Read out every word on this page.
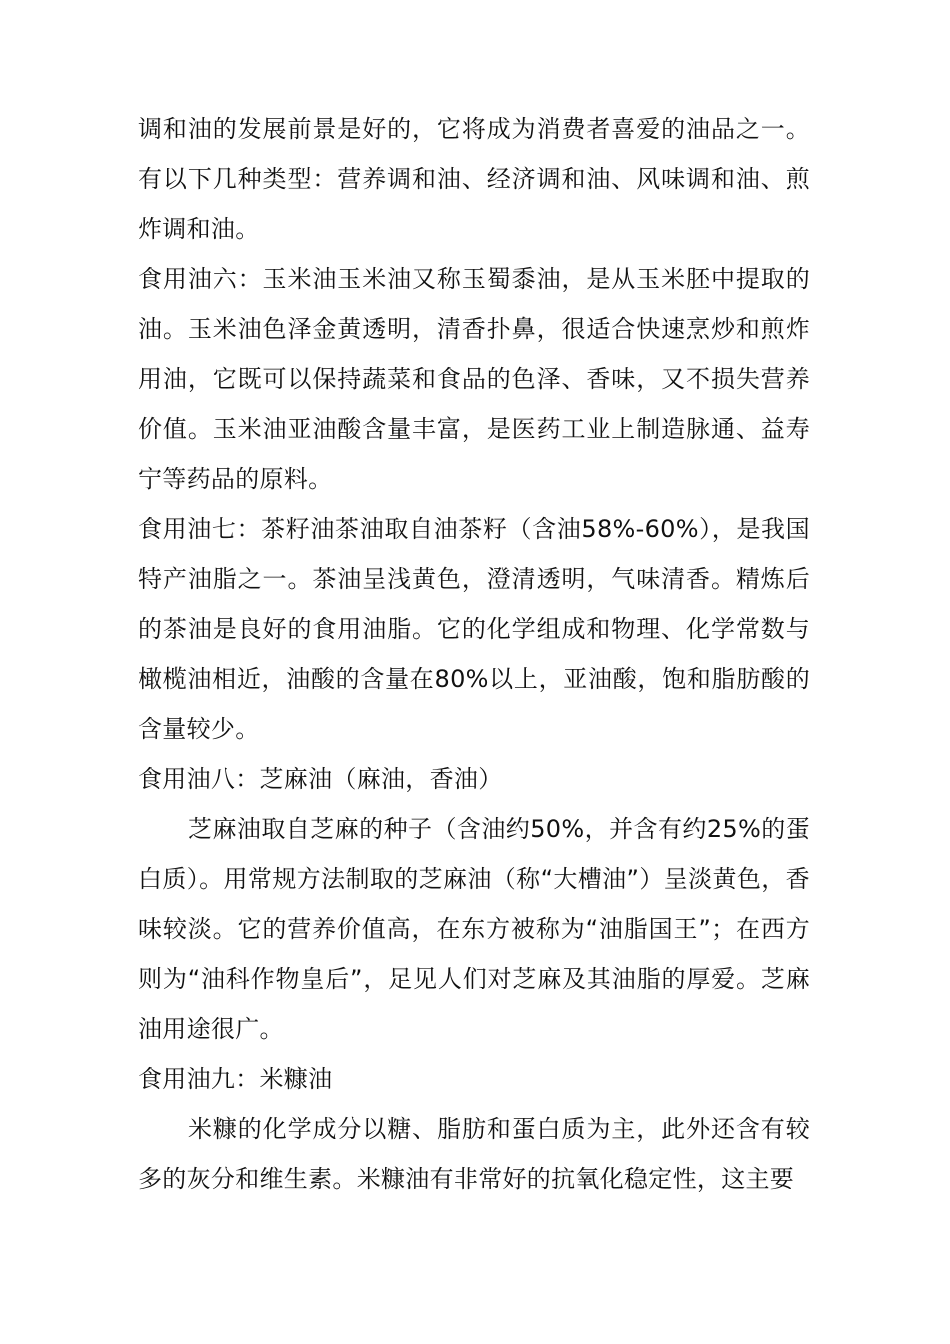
调和油的发展前景是好的，它将成为消费者喜爱的油品之一。有以下几种类型：营养调和油、经济调和油、风味调和油、煎炸调和油。

食用油六：玉米油玉米油又称玉蜀黍油，是从玉米胚中提取的油。玉米油色泽金黄透明，清香扑鼻，很适合快速烹炒和煎炸用油，它既可以保持蔬菜和食品的色泽、香味，又不损失营养价值。玉米油亚油酸含量丰富，是医药工业上制造脉通、益寿宁等药品的原料。

食用油七：茶籽油茶油取自油茶籽（含油58%-60%），是我国特产油脂之一。茶油呈浅黄色，澄清透明，气味清香。精炼后的茶油是良好的食用油脂。它的化学组成和物理、化学常数与橄榄油相近，油酸的含量在80%以上，亚油酸，饱和脂肪酸的含量较少。

食用油八：芝麻油（麻油，香油）

芝麻油取自芝麻的种子（含油约50%，并含有约25%的蛋白质）。用常规方法制取的芝麻油（称“大槽油”）呈淡黄色，香味较淡。它的营养价值高，在东方被称为“油脂国王”；在西方则为“油科作物皇后”，足见人们对芝麻及其油脂的厚爱。芝麻油用途很广。

食用油九：米糠油

米糠的化学成分以糖、脂肪和蛋白质为主，此外还含有较多的灰分和维生素。米糠油有非常好的抗氧化稳定性，这主要
